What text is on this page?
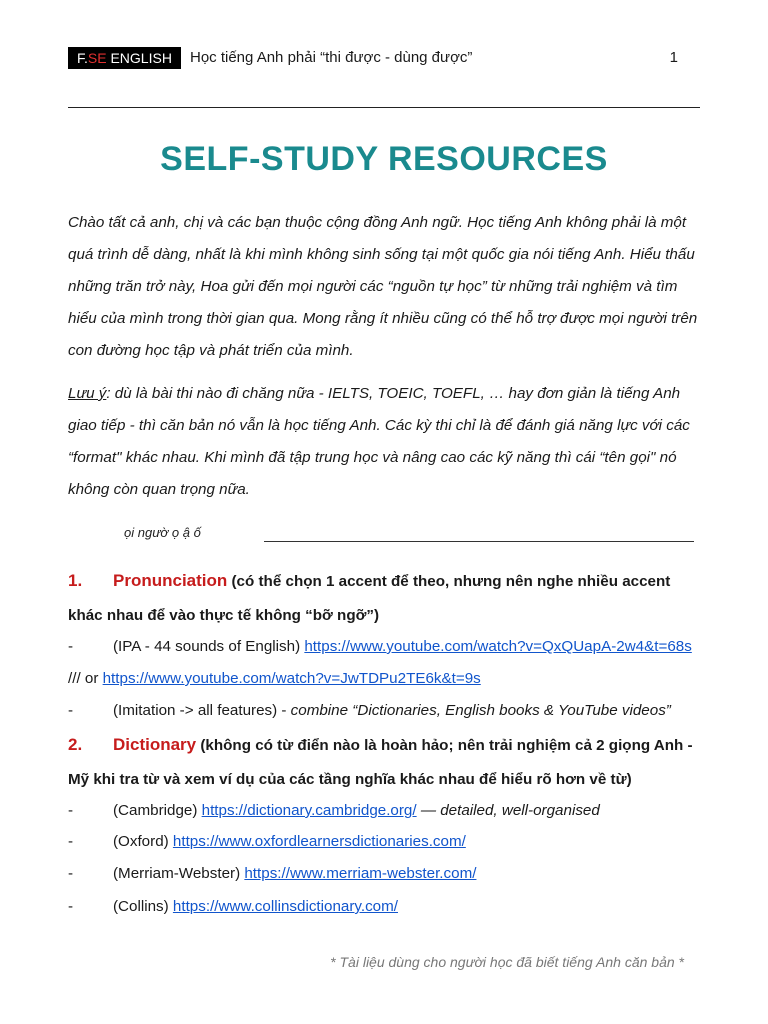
F.SE ENGLISH	Học tiếng Anh phải “thi được - dùng được”	1
SELF-STUDY RESOURCES

Chào tất cả anh, chị và các bạn thuộc cộng đồng Anh ngữ. Học tiếng Anh không phải là một quá trình dễ dàng, nhất là khi mình không sinh sống tại một quốc gia nói tiếng Anh. Hiểu thấu những trăn trở này, Hoa gửi đến mọi người các “nguồn tự học” từ những trải nghiệm và tìm hiểu của mình trong thời gian qua. Mong rằng ít nhiều cũng có thể hỗ trợ được mọi người trên con đường học tập và phát triển của mình.

Lưu ý: dù là bài thi nào đi chăng nữa - IELTS, TOEIC, TOEFL, … hay đơn giản là tiếng Anh giao tiếp - thì căn bản nó vẫn là học tiếng Anh. Các kỳ thi chỉ là để đánh giá năng lực với các “format" khác nhau. Khi mình đã tập trung học và nâng cao các kỹ năng thì cái “tên gọi" nó không còn quan trọng nữa.

ọi ngườ ọ ậ ố

1. Pronunciation (có thể chọn 1 accent để theo, nhưng nên nghe nhiều accent khác nhau để vào thực tế không “bỡ ngỡ”)

-	(IPA - 44 sounds of English) https://www.youtube.com/watch?v=QxQUapA-2w4&t=68s /// or https://www.youtube.com/watch?v=JwTDPu2TE6k&t=9s

-	(Imitation -> all features) - combine “Dictionaries, English books & YouTube videos”

2. Dictionary (không có từ điển nào là hoàn hảo; nên trải nghiệm cả 2 giọng Anh - Mỹ khi tra từ và xem ví dụ của các tầng nghĩa khác nhau để hiểu rõ hơn về từ)

-	(Cambridge) https://dictionary.cambridge.org/ — detailed, well-organised

-	(Oxford) https://www.oxfordlearnersdictionaries.com/

-	(Merriam-Webster) https://www.merriam-webster.com/

-	(Collins) https://www.collinsdictionary.com/

* Tài liệu dùng cho người học đã biết tiếng Anh căn bản *
